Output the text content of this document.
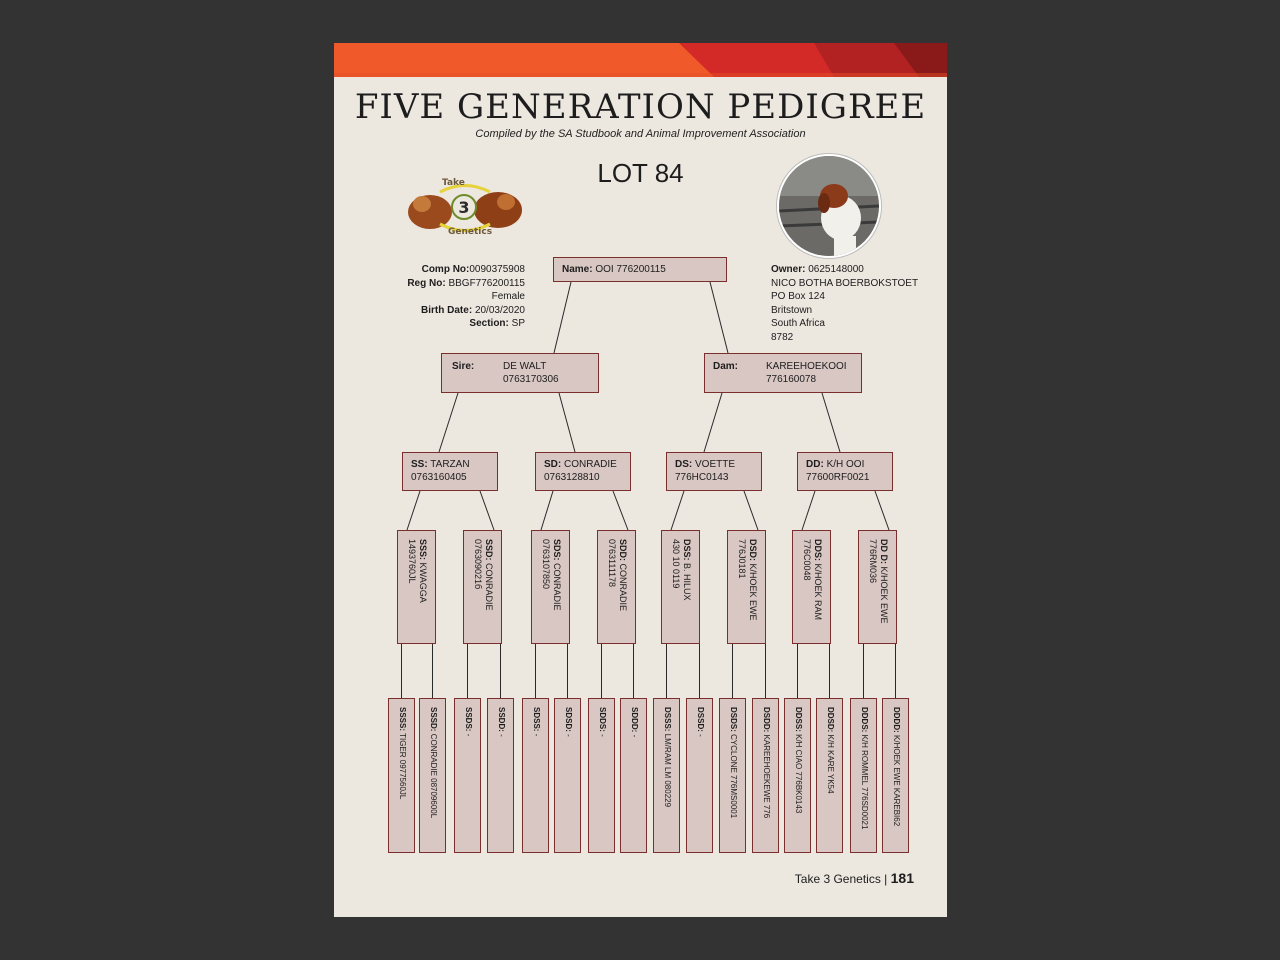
FIVE GENERATION PEDIGREE
Compiled by the SA Studbook and Animal Improvement Association
LOT 84
3
Take
Genetics
Comp No:0090375908
Reg No: BBGF776200115
Female
Birth Date: 20/03/2020
Section: SP
Owner: 0625148000
NICO BOTHA BOERBOKSTOET
PO Box 124
Britstown
South Africa
8782
Name: OOI 776200115
Sire:	DE WALT
0763170306
Dam:	KAREEHOEKOOI
776160078
SS: TARZAN
0763160405
SD: CONRADIE
0763128810
DS: VOETTE
776HC0143
DD: K/H OOI
77600RF0021
SSS: KWAGGA
1493760JL	SSD: CONRADIE
076309021б	SDS: CONRADIE
0763107850	SDD: CONRADIE
0763111178	DSS: B. HILUX
430 10 0119	DSD: K/HOEK EWE
776J0181	DDS: K/HOEK RAM
776C0048	DD D: K/HOEK EWE
776RM036
SSSS: TIGER 0977560JL
SSSD: CONRADIE 08709600L
SSDS: -
SSDD: -
SDSS: -
SDSD: -
SDDS: -
SDDD: -
DSSS: LM/RAM LM 080229
DSSD: -
DSDS: CYCLONE 776MS0001
DSDD: KAREEHOEKEWE 776
DDSS: K/H CIAO 776BK0143
DDSD: K/H KARE YK54
DDDS: K/H ROMMEL 776SD0021
DDDD: K/HOEK EWE KAREBI62
Take 3 Genetics | 181
